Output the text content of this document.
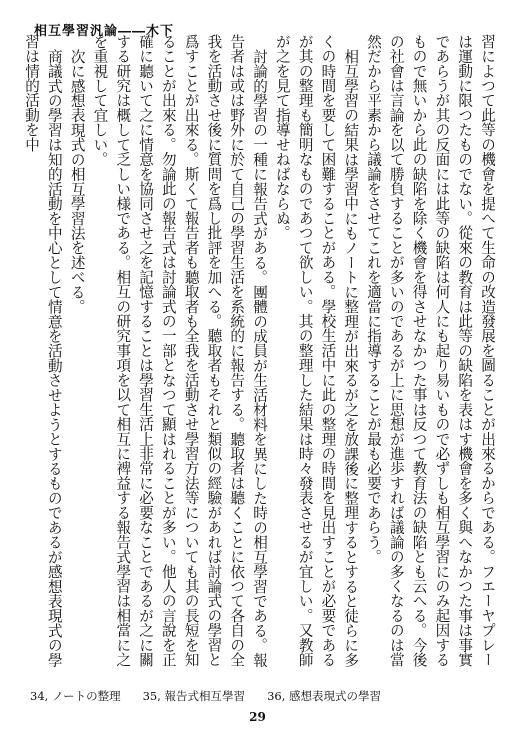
相互學習汎論――木下

習によつて此等の機會を提へて生命の改造發展を圖ることが出來るからである。フエーヤプレーは運動に限つたものでない。從來の教育は此等の缺陷を表はす機會を多く與へなかつた事は事實であらうが其の反面には此等の缺陷は何人にも起り易いもので必ずしも相互學習にのみ起因するもので無いから此の缺陷を除く機會を得させなかつた事は反つて教育法の缺陷とも云へる。今後の社會は言論を以て勝負することが多いのであるが上に思想が進歩すれば議論の多くなるのは當然だから平素から議論をさせてこれを適當に指導することが最も必要であらう。

相互學習の結果は學習中にもノートに整理が出來るが之を放課後に整理するとすると徒らに多くの時間を要して困難することがある。學校生活中に此の整理の時間を見出すことが必要であるが其の整理も簡明なものであつて欲しい。其の整理した結果は時々發表させるが宜しい。又教師が之を見て指導せねばならぬ。

討論的學習の一種に報告式がある。團體の成員が生活材料を異にした時の相互學習である。報告者は或は野外に於て自己の學習生活を系統的に報告する。聽取者は聽くことに依つて各自の全我を活動させ後に質問を爲し批評を加へる。聽取者もそれと類似の經驗があれば討論式の學習と爲すことが出來る。斯くて報告者も聽取者も全我を活動させ學習方法等についても其の長短を知ることが出來る。勿論此の報告式は討論式の一部となつて顯はれることが多い。他人の言說を正確に聽いて之に情意を協同させ之を記憶することは學習生活上非常に必要なことであるが之に關する研究は概して乏しい様である。相互の研究事項を以て相互に裨益する報告式學習は相當に之を重視して宜しい。

次に感想表現式の相互學習法を述べる。

商議式の學習は知的活動を中心として情意を活動させようとするものであるが感想表現式の學習は情的活動を中

34, ノートの整理 35, 報告式相互學習 36, 感想表現式の學習
29
